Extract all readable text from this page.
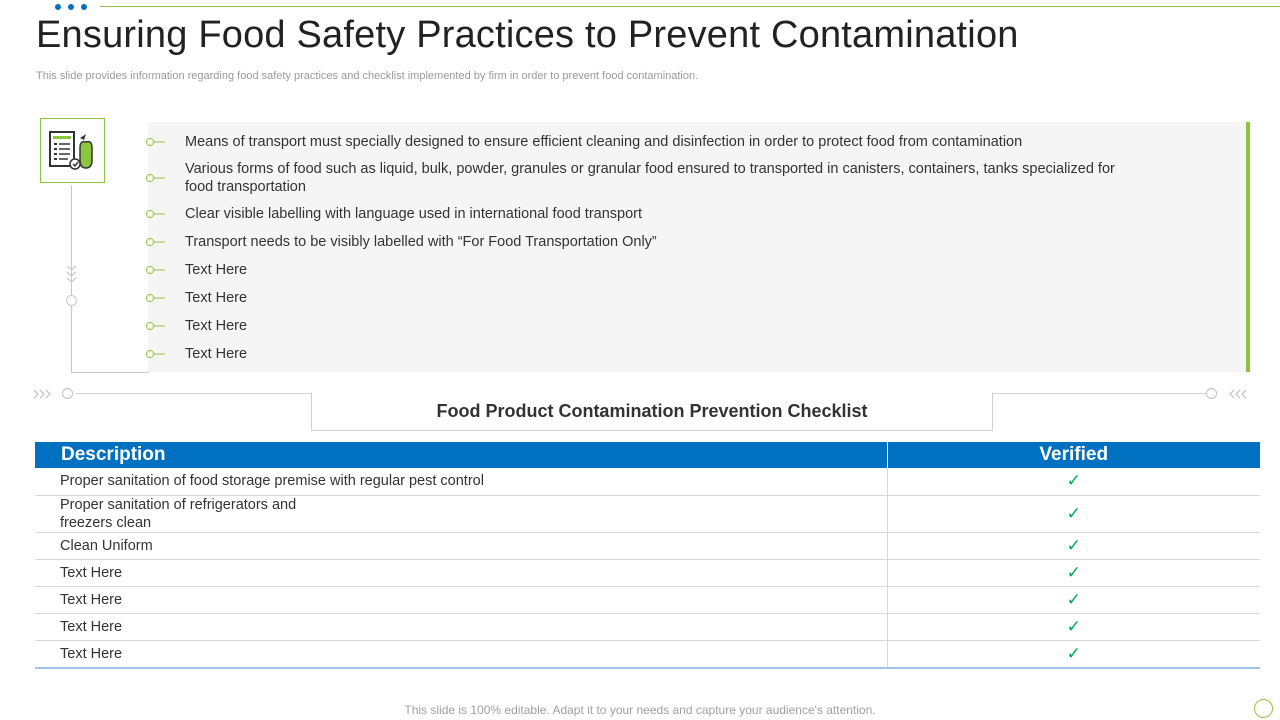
Ensuring Food Safety Practices to Prevent Contamination
This slide provides information regarding food safety practices and checklist implemented by firm in order to prevent food contamination.
Means of transport must specially designed to ensure efficient cleaning and disinfection in order to protect food from contamination
Various forms of food such as liquid, bulk, powder, granules or granular food ensured to transported in canisters, containers, tanks specialized for food transportation
Clear visible labelling with language used in international food transport
Transport needs to be visibly labelled with “For Food Transportation Only”
Text Here
Text Here
Text Here
Text Here
Food Product Contamination Prevention Checklist
Description	Verified
Proper sanitation of food storage premise with regular pest control	✓

Proper sanitation of refrigerators and freezers clean	✓
Clean Uniform	✓
Text Here	✓
Text Here	✓
Text Here	✓
Text Here	✓
This slide is 100% editable. Adapt it to your needs and capture your audience's attention.
